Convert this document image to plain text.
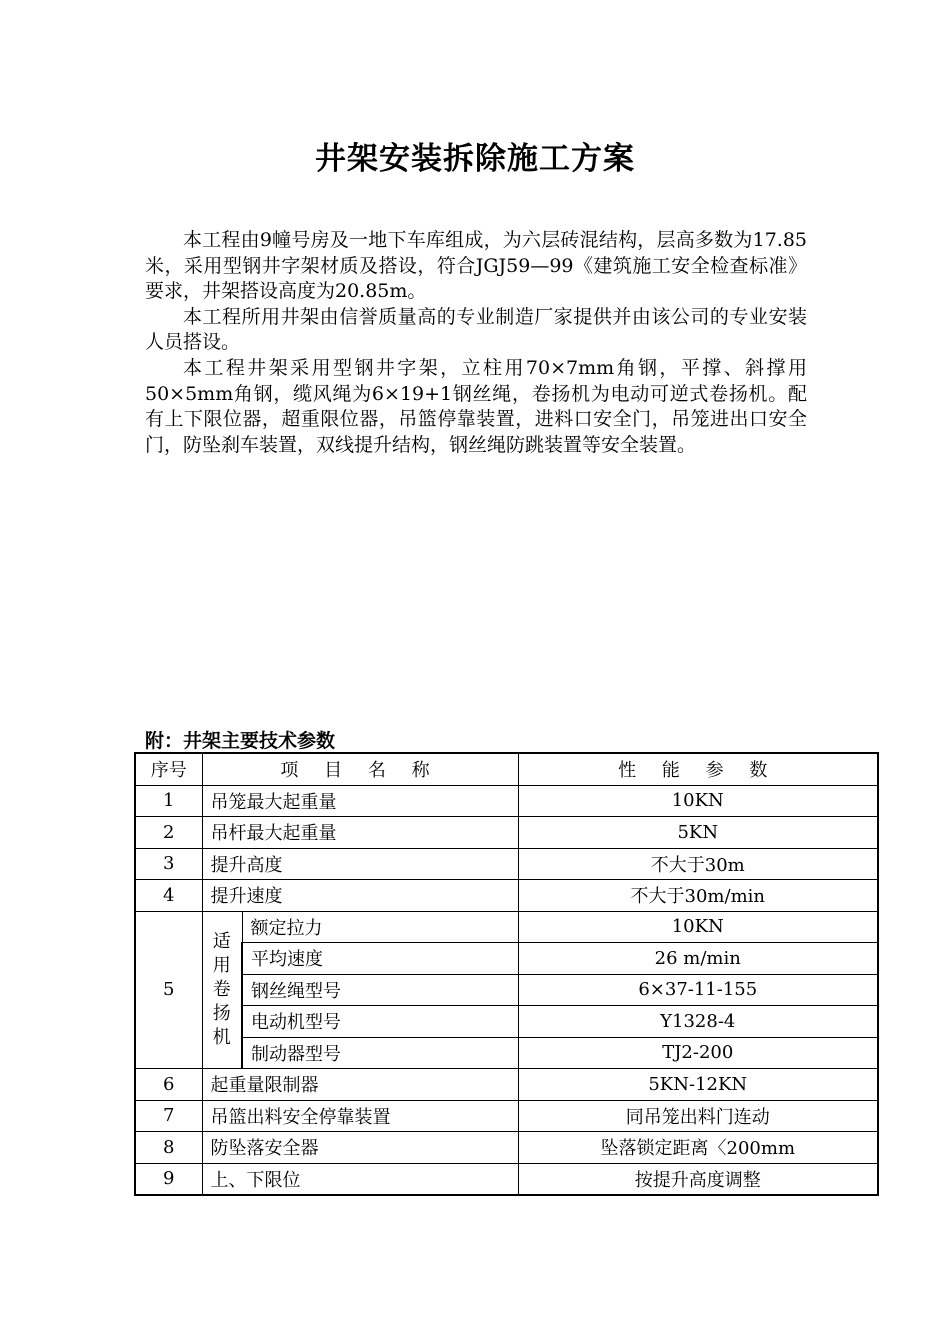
井架安装拆除施工方案

本工程由9幢号房及一地下车库组成，为六层砖混结构，层高多数为17.85米，采用型钢井字架材质及搭设，符合JGJ59—99《建筑施工安全检查标准》要求，井架搭设高度为20.85m。

本工程所用井架由信誉质量高的专业制造厂家提供并由该公司的专业安装人员搭设。

本工程井架采用型钢井字架，立柱用70×7mm角钢，平撑、斜撑用50×5mm角钢，缆风绳为6×19+1钢丝绳，卷扬机为电动可逆式卷扬机。配有上下限位器，超重限位器，吊篮停靠装置，进料口安全门，吊笼进出口安全门，防坠刹车装置，双线提升结构，钢丝绳防跳装置等安全装置。

附：井架主要技术参数
序号	项 目 名 称		性 能 参 数
1	吊笼最大起重量		10KN
2	吊杆最大起重量		5KN
3	提升高度		不大于30m
4	提升速度		不大于30m/min
5	适
用
卷
扬
机	额定拉力	10KN
		平均速度	26 m/min
		钢丝绳型号	6×37-11-155
		电动机型号	Y1328-4
		制动器型号	TJ2-200
6	起重量限制器		5KN-12KN
7	吊篮出料安全停靠装置		同吊笼出料门连动
8	防坠落安全器		坠落锁定距离〈200mm
9	上、下限位		按提升高度调整
